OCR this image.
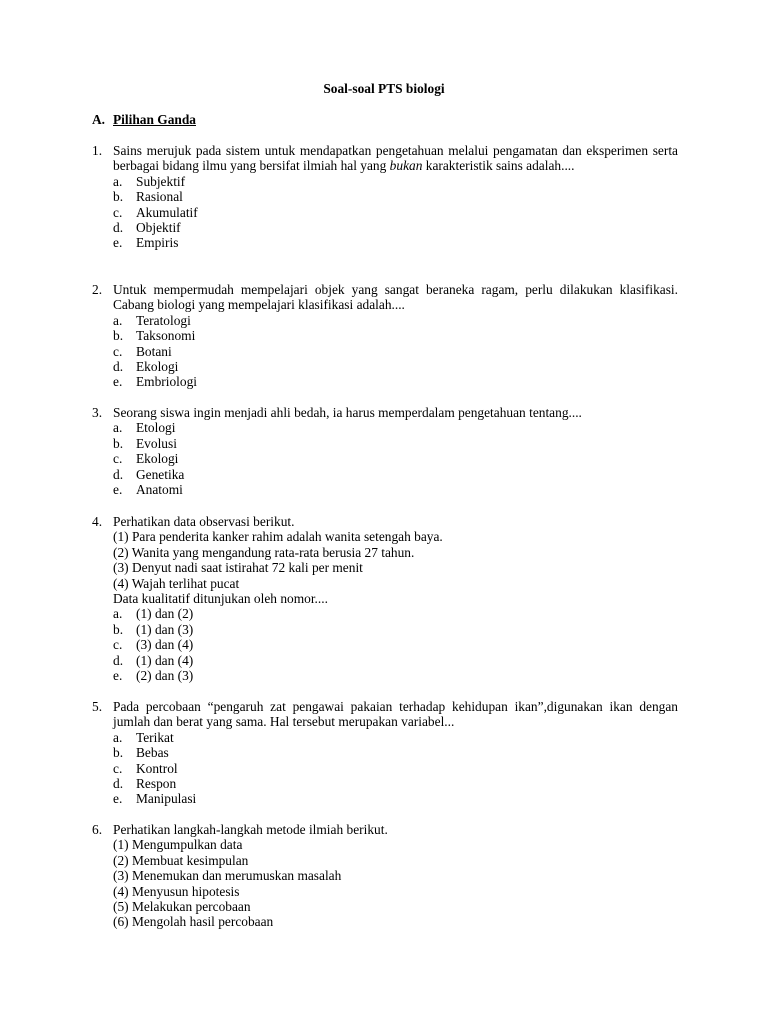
Soal-soal PTS biologi
A. Pilihan Ganda
1. Sains merujuk pada sistem untuk mendapatkan pengetahuan melalui pengamatan dan eksperimen serta berbagai bidang ilmu yang bersifat ilmiah hal yang bukan karakteristik sains adalah....
a. Subjektif
b. Rasional
c. Akumulatif
d. Objektif
e. Empiris
2. Untuk mempermudah mempelajari objek yang sangat beraneka ragam, perlu dilakukan klasifikasi. Cabang biologi yang mempelajari klasifikasi adalah....
a. Teratologi
b. Taksonomi
c. Botani
d. Ekologi
e. Embriologi
3. Seorang siswa ingin menjadi ahli bedah, ia harus memperdalam pengetahuan tentang....
a. Etologi
b. Evolusi
c. Ekologi
d. Genetika
e. Anatomi
4. Perhatikan data observasi berikut.
(1) Para penderita kanker rahim adalah wanita setengah baya.
(2) Wanita yang mengandung rata-rata berusia 27 tahun.
(3) Denyut nadi saat istirahat 72 kali per menit
(4) Wajah terlihat pucat
Data kualitatif ditunjukan oleh nomor....
a. (1) dan (2)
b. (1) dan (3)
c. (3) dan (4)
d. (1) dan (4)
e. (2) dan (3)
5. Pada percobaan “pengaruh zat pengawai pakaian terhadap kehidupan ikan”,digunakan ikan dengan jumlah dan berat yang sama. Hal tersebut merupakan variabel...
a. Terikat
b. Bebas
c. Kontrol
d. Respon
e. Manipulasi
6. Perhatikan langkah-langkah metode ilmiah berikut.
(1) Mengumpulkan data
(2) Membuat kesimpulan
(3) Menemukan dan merumuskan masalah
(4) Menyusun hipotesis
(5) Melakukan percobaan
(6) Mengolah hasil percobaan
